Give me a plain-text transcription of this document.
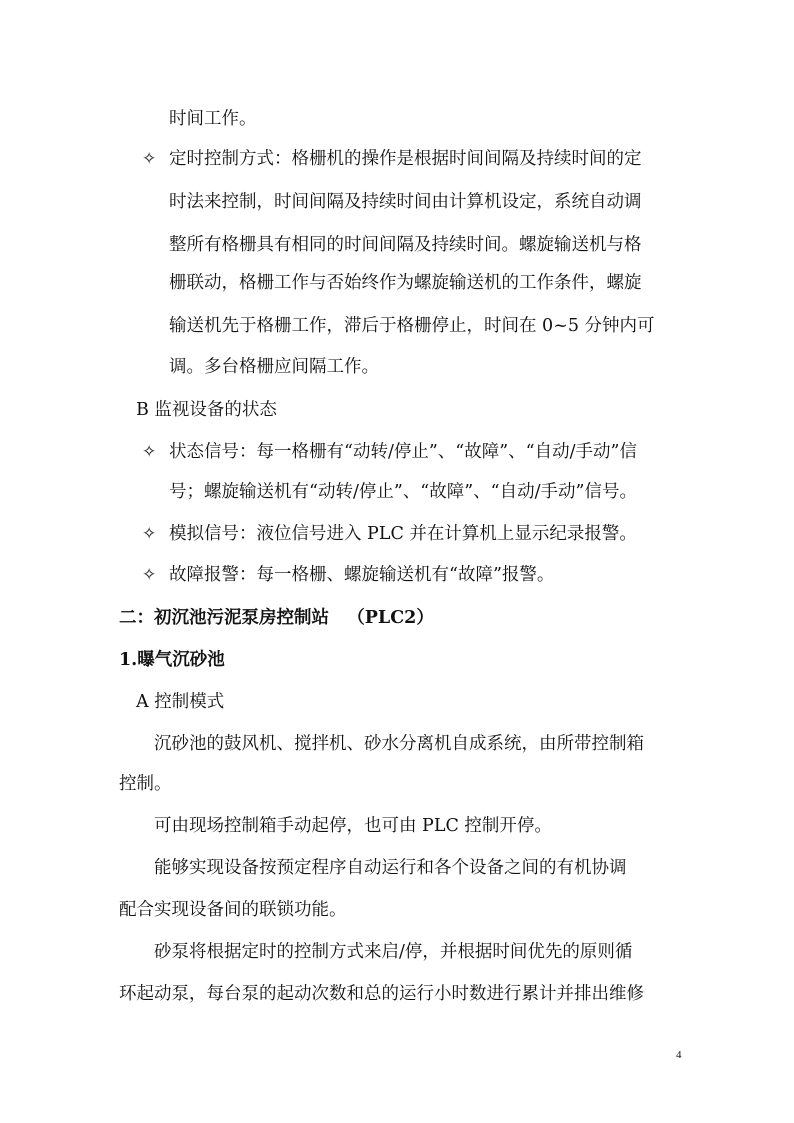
时间工作。
✧ 定时控制方式：格栅机的操作是根据时间间隔及持续时间的定
时法来控制，时间间隔及持续时间由计算机设定，系统自动调
整所有格栅具有相同的时间间隔及持续时间。螺旋输送机与格
栅联动，格栅工作与否始终作为螺旋输送机的工作条件，螺旋
输送机先于格栅工作，滞后于格栅停止，时间在 0~5 分钟内可
调。多台格栅应间隔工作。
B 监视设备的状态
✧ 状态信号：每一格栅有“动转/停止”、“故障”、“自动/手动”信
号；螺旋输送机有“动转/停止”、“故障”、“自动/手动”信号。
✧ 模拟信号：液位信号进入 PLC 并在计算机上显示纪录报警。
✧ 故障报警：每一格栅、螺旋输送机有“故障”报警。
二：初沉池污泥泵房控制站   （PLC2）
1.曝气沉砂池
A 控制模式
沉砂池的鼓风机、搅拌机、砂水分离机自成系统，由所带控制箱
控制。
可由现场控制箱手动起停，也可由 PLC 控制开停。
能够实现设备按预定程序自动运行和各个设备之间的有机协调
配合实现设备间的联锁功能。
砂泵将根据定时的控制方式来启/停，并根据时间优先的原则循
环起动泵，每台泵的起动次数和总的运行小时数进行累计并排出维修
4
